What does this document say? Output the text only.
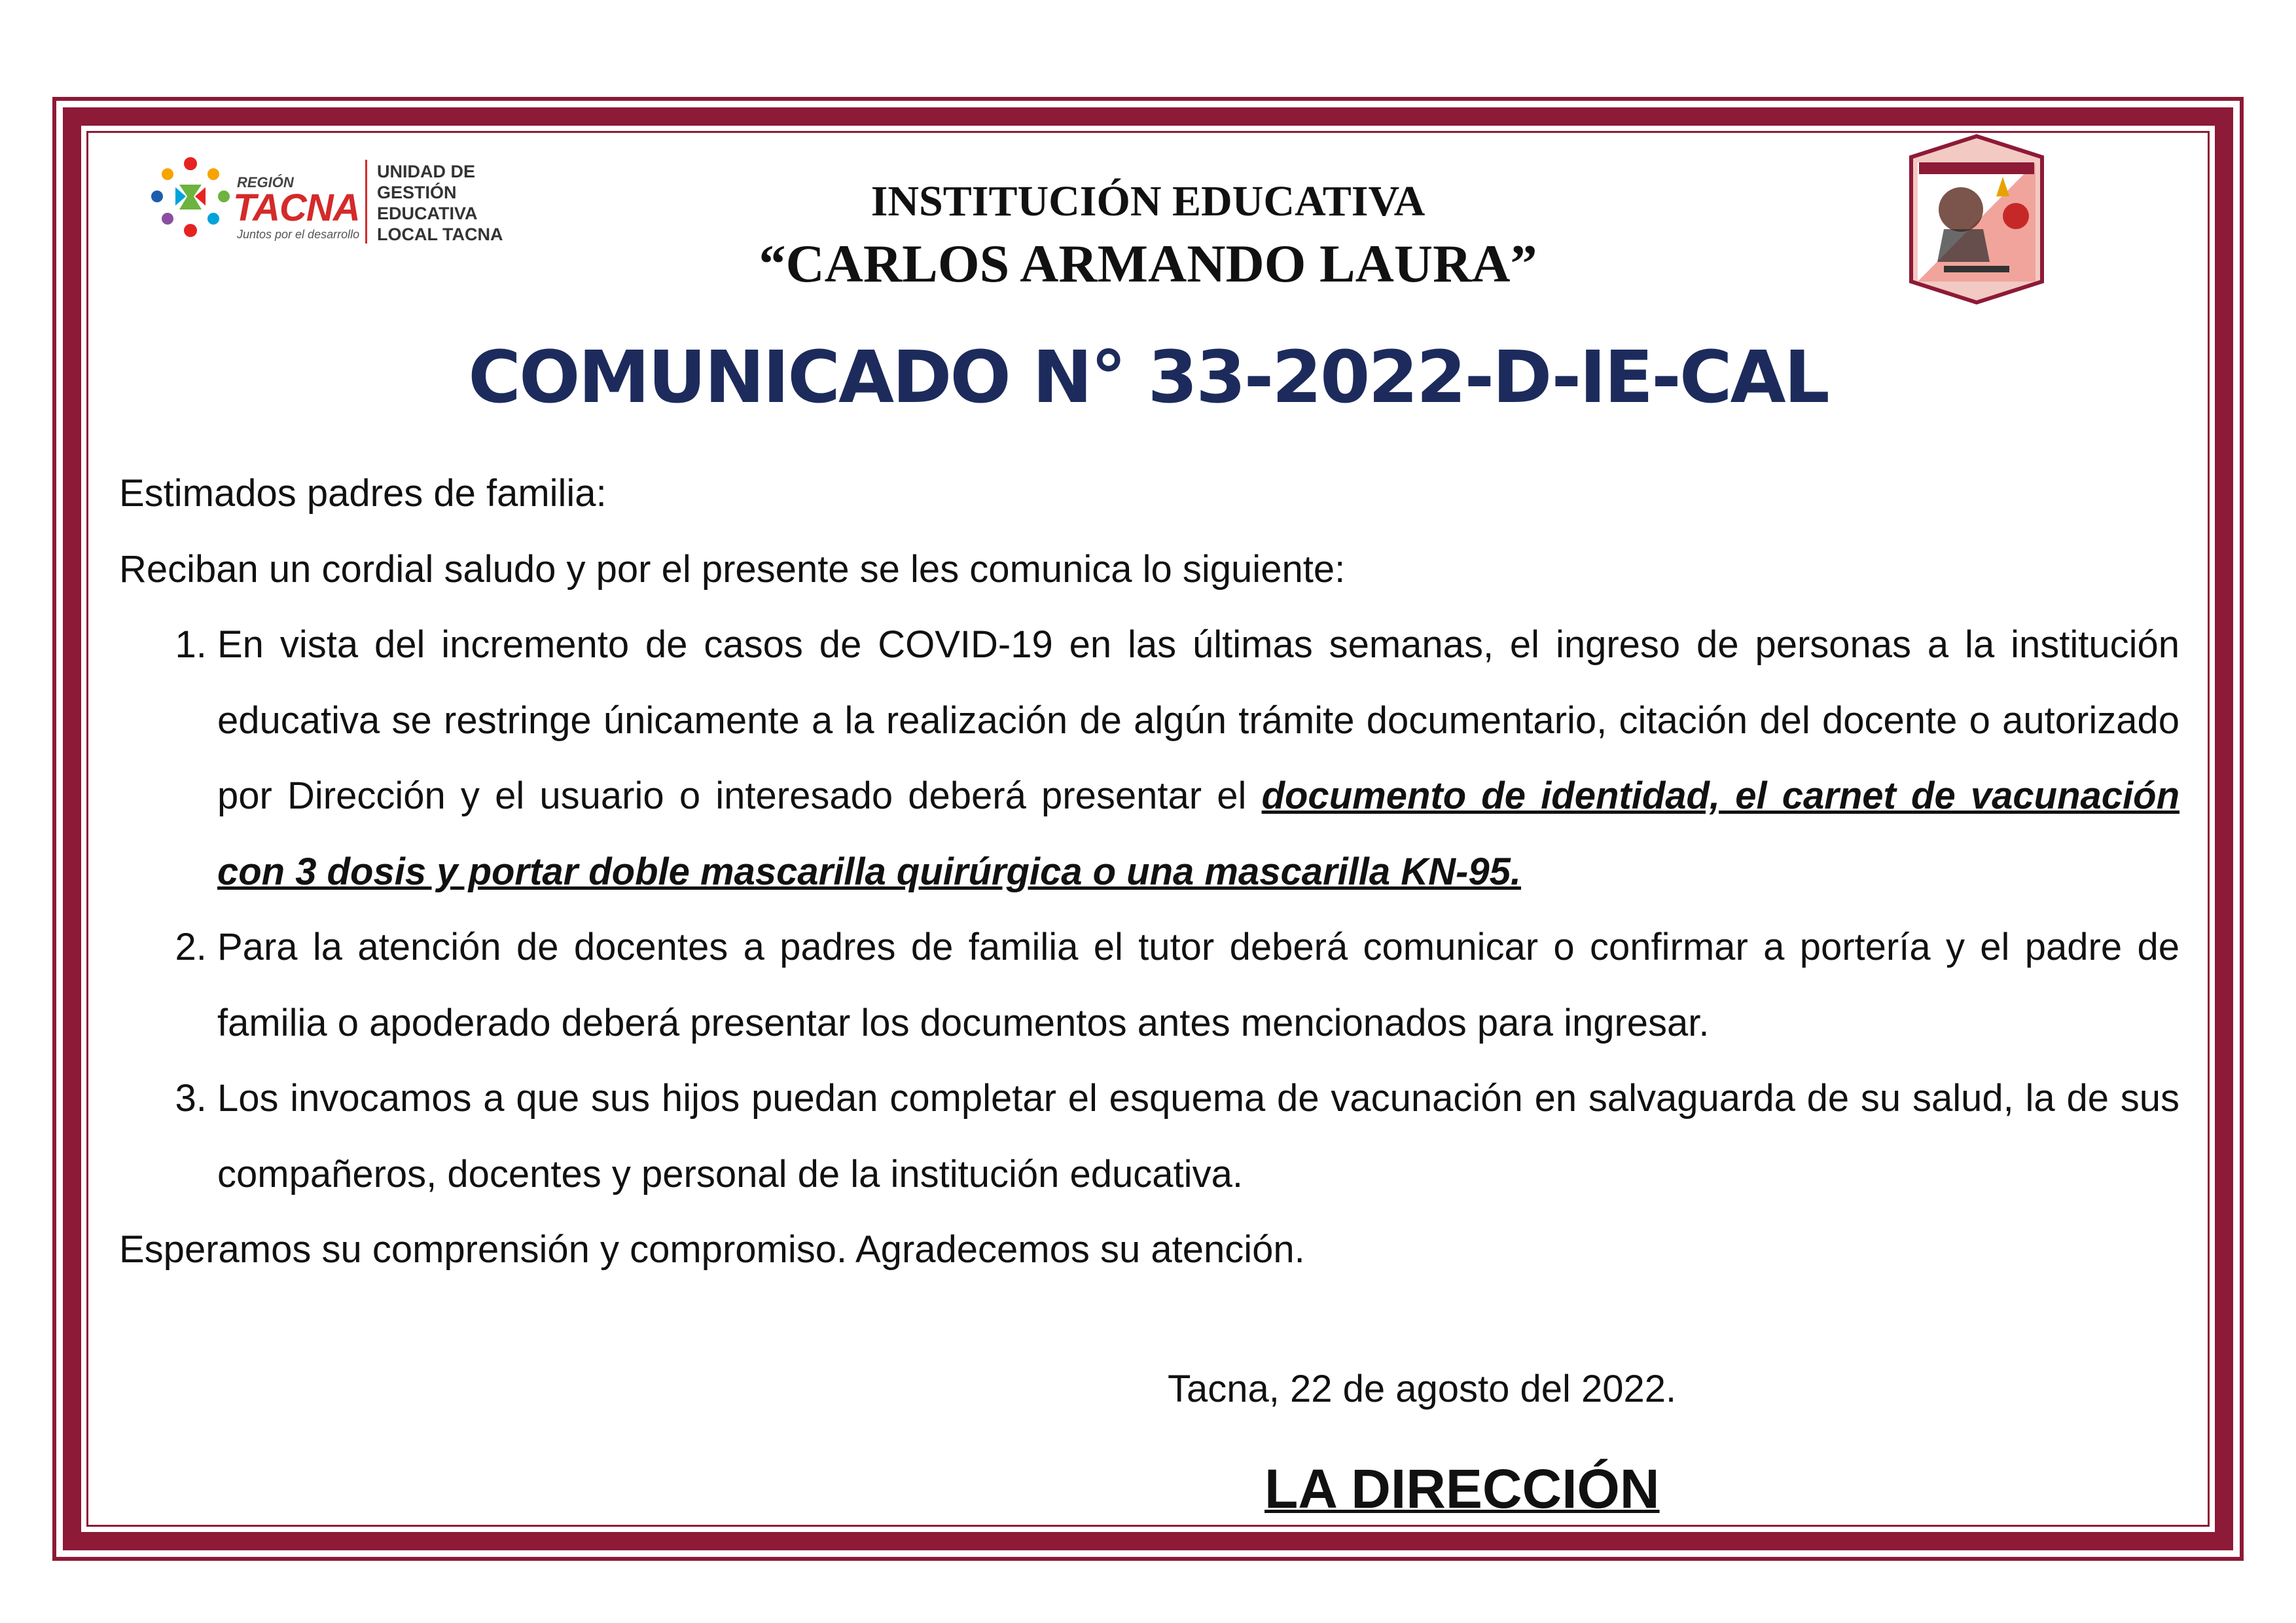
REGIÓN
TACNA
Juntos por el desarrollo
UNIDAD DE
GESTIÓN
EDUCATIVA
LOCAL TACNA
INSTITUCIÓN EDUCATIVA
“CARLOS ARMANDO LAURA”
COMUNICADO N° 33-2022-D-IE-CAL

Estimados padres de familia:

Reciban un cordial saludo y por el presente se les comunica lo siguiente:

1. En vista del incremento de casos de COVID-19 en las últimas semanas, el ingreso de personas a la institución educativa se restringe únicamente a la realización de algún trámite documentario, citación del docente o autorizado por Dirección y el usuario o interesado deberá presentar el documento de identidad, el carnet de vacunación con 3 dosis y portar doble mascarilla quirúrgica o una mascarilla KN-95.
2. Para la atención de docentes a padres de familia el tutor deberá comunicar o confirmar a portería y el padre de familia o apoderado deberá presentar los documentos antes mencionados para ingresar.
3. Los invocamos a que sus hijos puedan completar el esquema de vacunación en salvaguarda de su salud, la de sus compañeros, docentes y personal de la institución educativa.

Esperamos su comprensión y compromiso. Agradecemos su atención.

Tacna, 22 de agosto del 2022.
LA DIRECCIÓN
